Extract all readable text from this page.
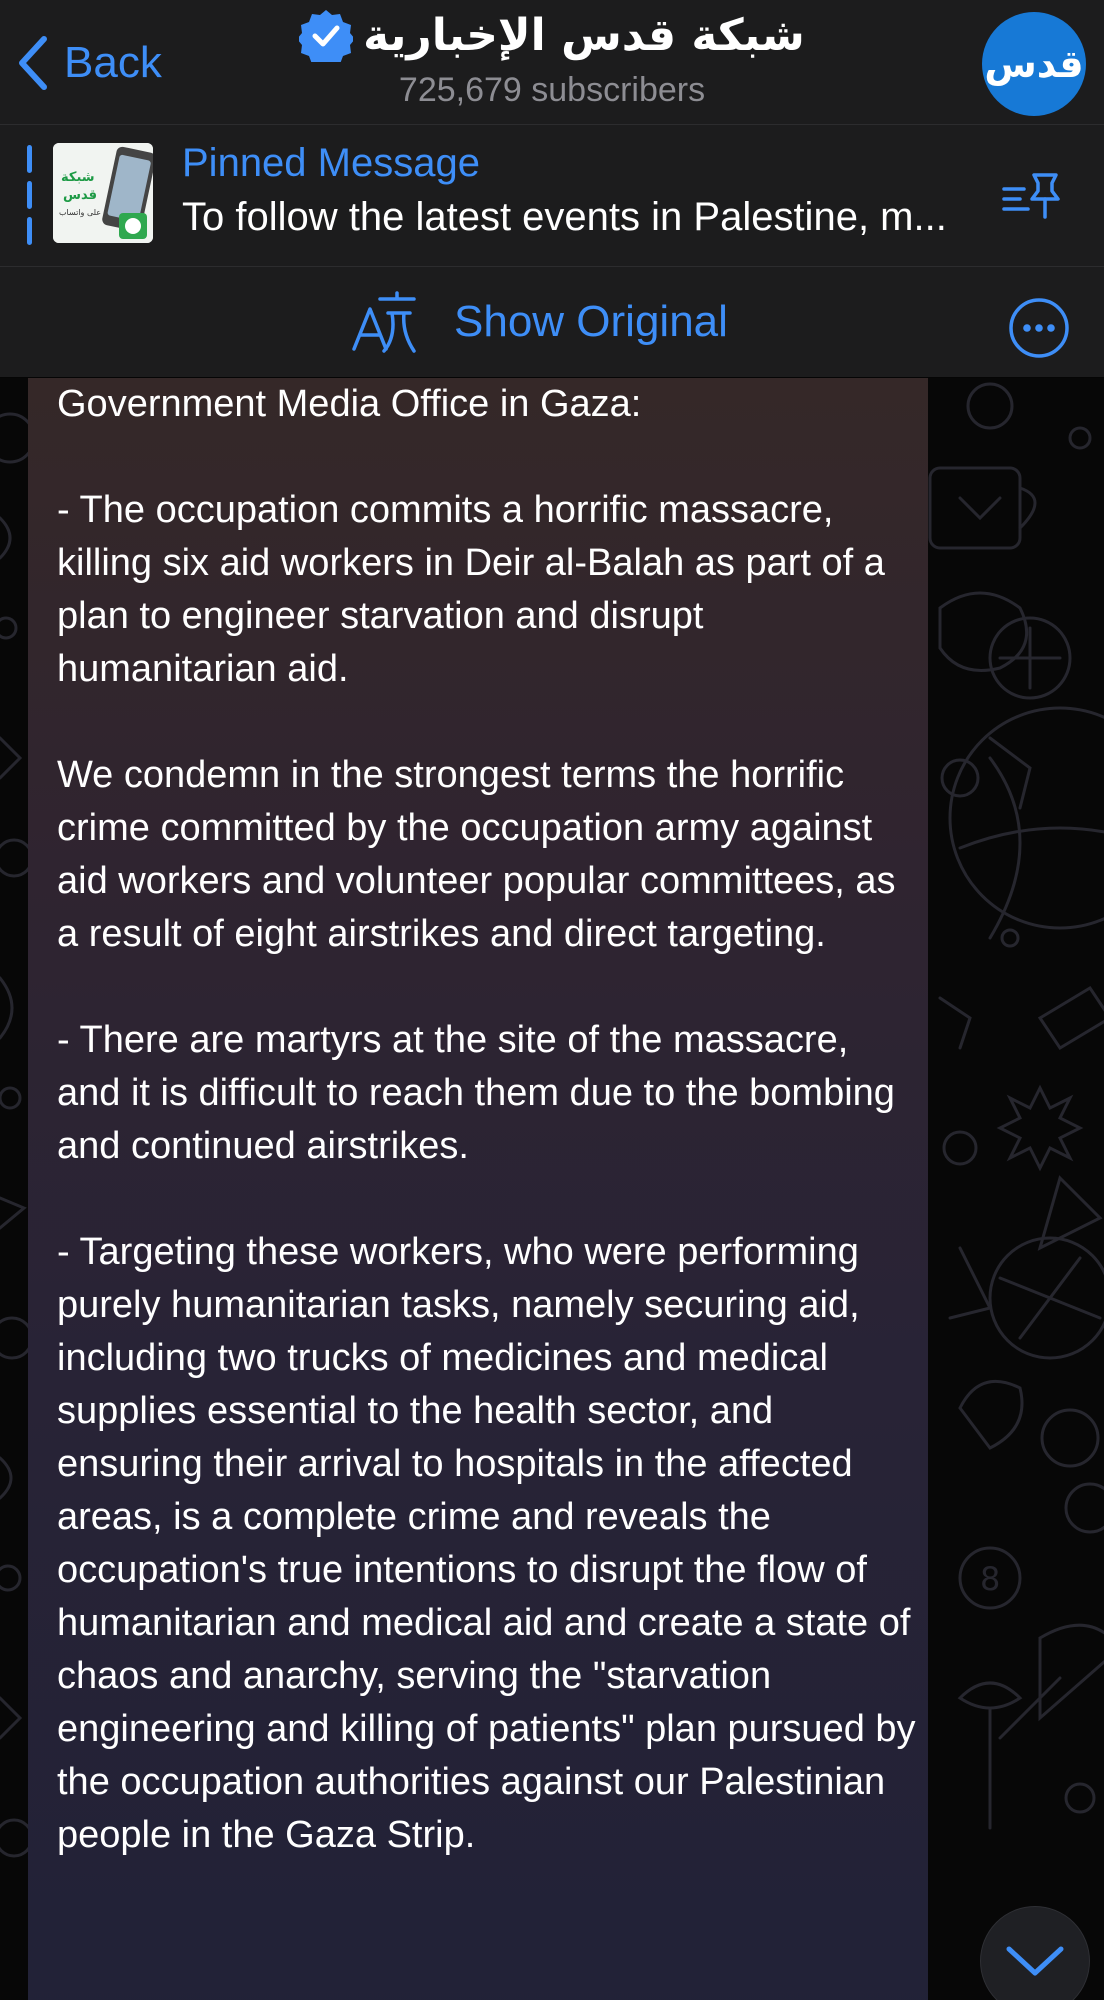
8
Back
شبكة قدس الإخبارية
725,679 subscribers
قدس
شبكة
قدس
على واتساب
Pinned Message
To follow the latest events in Palestine, m...
Show Original

Government Media Office in Gaza:

- The occupation commits a horrific massacre, killing six aid workers in Deir al-Balah as part of a plan to engineer starvation and disrupt humanitarian aid.

We condemn in the strongest terms the horrific crime committed by the occupation army against aid workers and volunteer popular committees, as a result of eight airstrikes and direct targeting.

- There are martyrs at the site of the massacre, and it is difficult to reach them due to the bombing and continued airstrikes.

- Targeting these workers, who were performing purely humanitarian tasks, namely securing aid, including two trucks of medicines and medical supplies essential to the health sector, and ensuring their arrival to hospitals in the affected areas, is a complete crime and reveals the occupation's true intentions to disrupt the flow of humanitarian and medical aid and create a state of chaos and anarchy, serving the "starvation engineering and killing of patients" plan pursued by the occupation authorities against our Palestinian people in the Gaza Strip.
